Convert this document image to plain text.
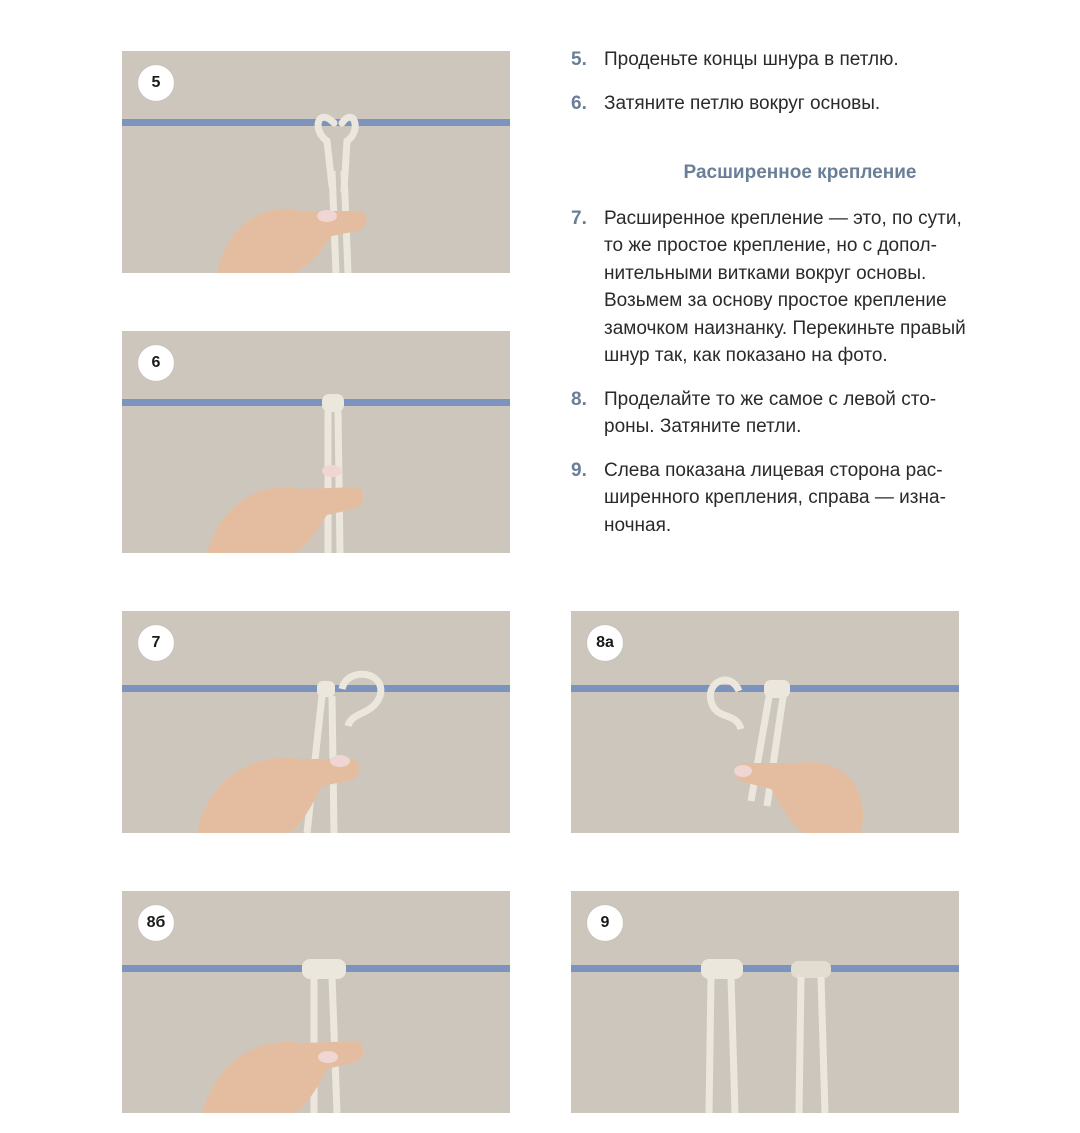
5
6
7	8а
8б	9
5. Проденьте концы шнура в петлю.
6. Затяните петлю вокруг основы.
Расширенное крепление
7. Расширенное крепление — это, по сути, то же простое крепление, но с дополнительными витками вокруг основы. Возьмем за основу простое крепление замочком наизнанку. Перекиньте правый шнур так, как показано на фото.
8. Проделайте то же самое с левой стороны. Затяните петли.
9. Слева показана лицевая сторона расширенного крепления, справа — изнаночная.
